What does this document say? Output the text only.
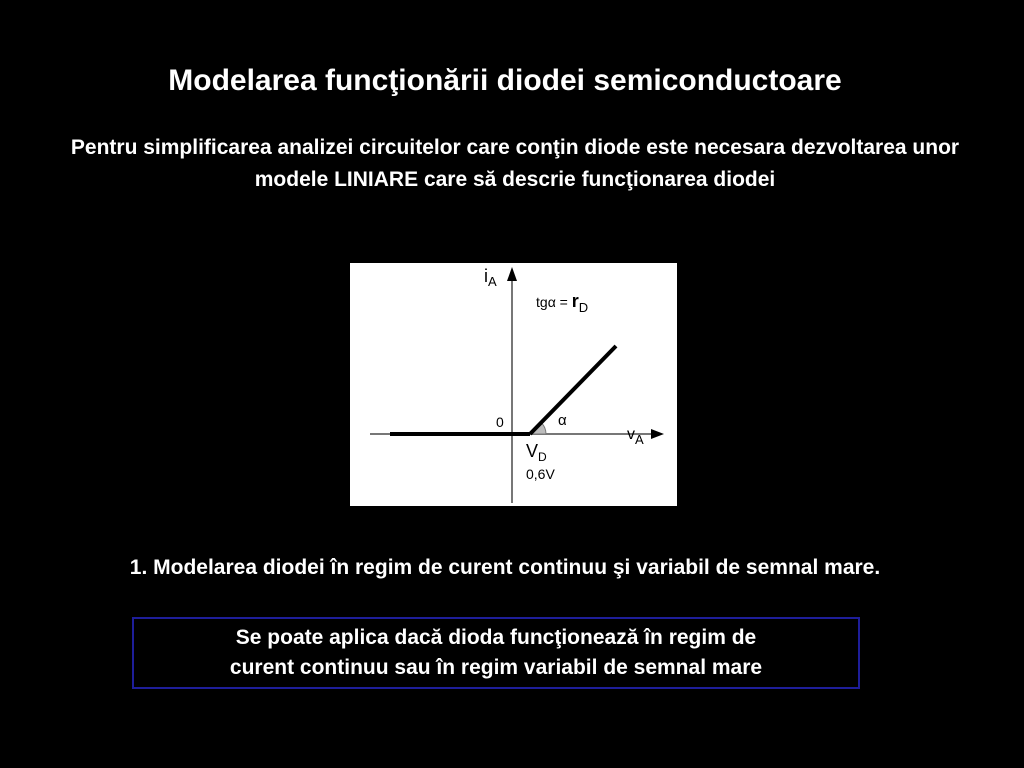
Modelarea funcţionării diodei semiconductoare

Pentru simplificarea analizei circuitelor care conţin diode este necesara dezvoltarea unor modele LINIARE care să descrie funcţionarea diodei

$i_A$
tgα = rD
α
0
$v_A$
$V_D$
0,6V

1. Modelarea diodei în regim de curent continuu şi variabil de semnal mare.

Se poate aplica dacă dioda funcţionează în regim de
curent continuu sau în regim variabil de semnal mare
